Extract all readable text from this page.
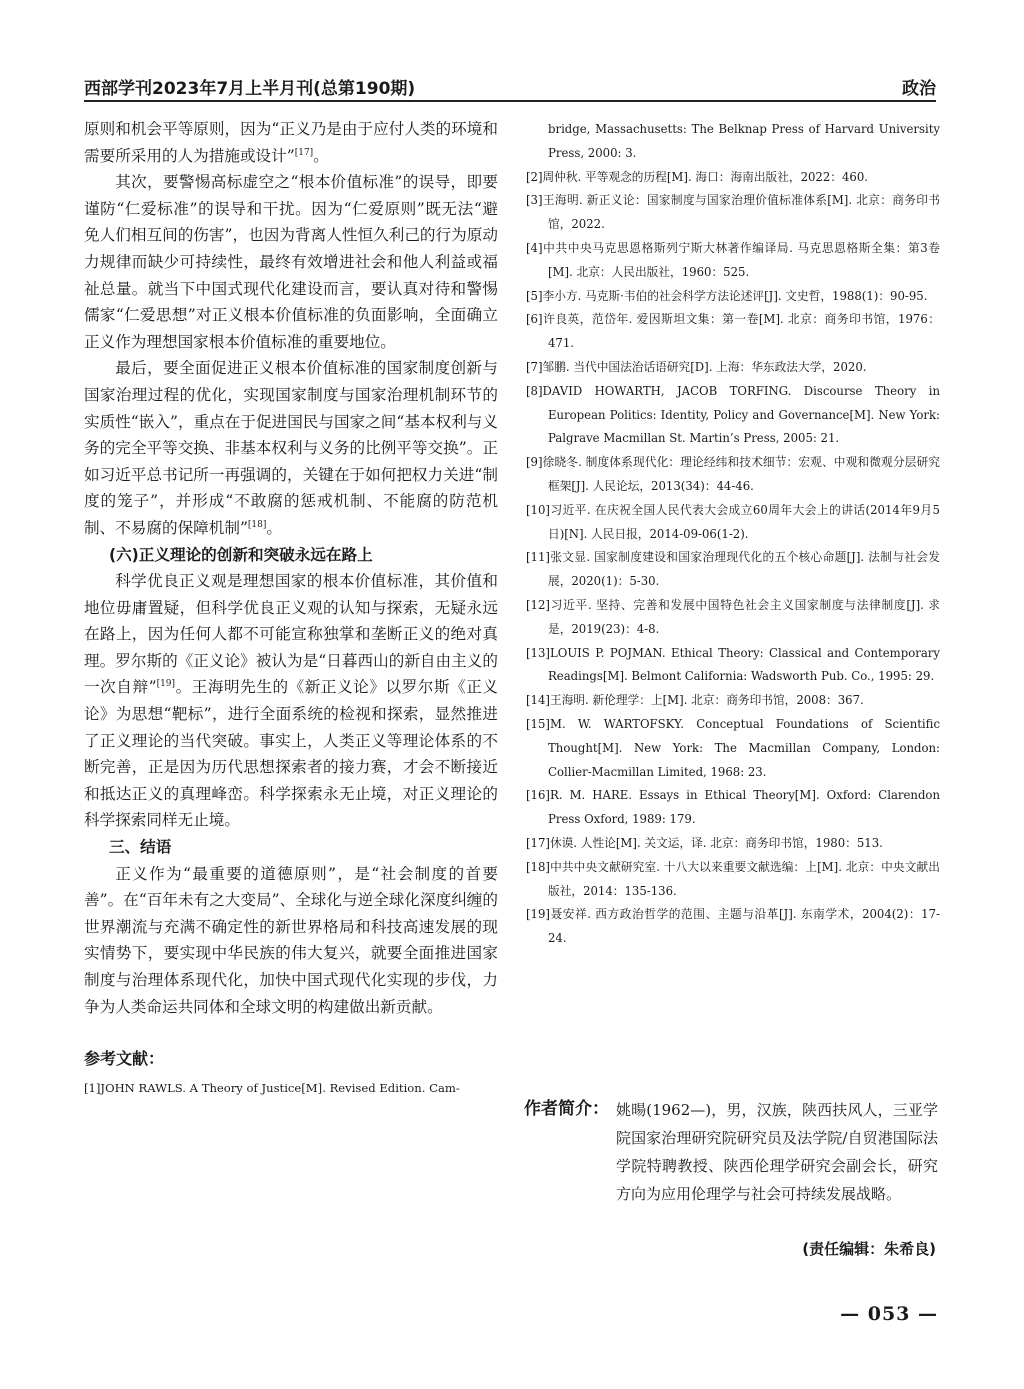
西部学刊2023年7月上半月刊(总第190期)	政治

原则和机会平等原则，因为“正义乃是由于应付人类的环境和需要所采用的人为措施或设计”[17]。

其次，要警惕高标虚空之“根本价值标准”的误导，即要谨防“仁爱标准”的误导和干扰。因为“仁爱原则”既无法“避免人们相互间的伤害”，也因为背离人性恒久利己的行为原动力规律而缺少可持续性，最终有效增进社会和他人利益或福祉总量。就当下中国式现代化建设而言，要认真对待和警惕儒家“仁爱思想”对正义根本价值标准的负面影响，全面确立正义作为理想国家根本价值标准的重要地位。

最后，要全面促进正义根本价值标准的国家制度创新与国家治理过程的优化，实现国家制度与国家治理机制环节的实质性“嵌入”，重点在于促进国民与国家之间“基本权利与义务的完全平等交换、非基本权利与义务的比例平等交换”。正如习近平总书记所一再强调的，关键在于如何把权力关进“制度的笼子”，并形成“不敢腐的惩戒机制、不能腐的防范机制、不易腐的保障机制”[18]。

(六)正义理论的创新和突破永远在路上

科学优良正义观是理想国家的根本价值标准，其价值和地位毋庸置疑，但科学优良正义观的认知与探索，无疑永远在路上，因为任何人都不可能宣称独掌和垄断正义的绝对真理。罗尔斯的《正义论》被认为是“日暮西山的新自由主义的一次自辩”[19]。王海明先生的《新正义论》以罗尔斯《正义论》为思想“靶标”，进行全面系统的检视和探索，显然推进了正义理论的当代突破。事实上，人类正义等理论体系的不断完善，正是因为历代思想探索者的接力赛，才会不断接近和抵达正义的真理峰峦。科学探索永无止境，对正义理论的科学探索同样无止境。

三、结语

正义作为“最重要的道德原则”，是“社会制度的首要善”。在“百年未有之大变局”、全球化与逆全球化深度纠缠的世界潮流与充满不确定性的新世界格局和科技高速发展的现实情势下，要实现中华民族的伟大复兴，就要全面推进国家制度与治理体系现代化，加快中国式现代化实现的步伐，力争为人类命运共同体和全球文明的构建做出新贡献。

参考文献：
[1]JOHN RAWLS. A Theory of Justice[M]. Revised Edition. Cam-

bridge, Massachusetts: The Belknap Press of Harvard University Press, 2000: 3.

[2]周仲秋. 平等观念的历程[M]. 海口：海南出版社，2022：460.

[3]王海明. 新正义论：国家制度与国家治理价值标准体系[M]. 北京：商务印书馆，2022.

[4]中共中央马克思恩格斯列宁斯大林著作编译局. 马克思恩格斯全集：第3卷[M]. 北京：人民出版社，1960：525.

[5]李小方. 马克斯·韦伯的社会科学方法论述评[J]. 文史哲，1988(1)：90-95.

[6]许良英，范岱年. 爱因斯坦文集：第一卷[M]. 北京：商务印书馆，1976：471.

[7]邹鹏. 当代中国法治话语研究[D]. 上海：华东政法大学，2020.

[8]DAVID HOWARTH, JACOB TORFING. Discourse Theory in European Politics: Identity, Policy and Governance[M]. New York: Palgrave Macmillan St. Martin’s Press, 2005: 21.

[9]徐晓冬. 制度体系现代化：理论经纬和技术细节：宏观、中观和微观分层研究框架[J]. 人民论坛，2013(34)：44-46.

[10]习近平. 在庆祝全国人民代表大会成立60周年大会上的讲话(2014年9月5日)[N]. 人民日报，2014-09-06(1-2).

[11]张文显. 国家制度建设和国家治理现代化的五个核心命题[J]. 法制与社会发展，2020(1)：5-30.

[12]习近平. 坚持、完善和发展中国特色社会主义国家制度与法律制度[J]. 求是，2019(23)：4-8.

[13]LOUIS P. POJMAN. Ethical Theory: Classical and Contemporary Readings[M]. Belmont California: Wadsworth Pub. Co., 1995: 29.

[14]王海明. 新伦理学：上[M]. 北京：商务印书馆，2008：367.

[15]M. W. WARTOFSKY. Conceptual Foundations of Scientific Thought[M]. New York: The Macmillan Company, London: Collier-Macmillan Limited, 1968: 23.

[16]R. M. HARE. Essays in Ethical Theory[M]. Oxford: Clarendon Press Oxford, 1989: 179.

[17]休谟. 人性论[M]. 关文运，译. 北京：商务印书馆，1980：513.

[18]中共中央文献研究室. 十八大以来重要文献选编：上[M]. 北京：中央文献出版社，2014：135-136.

[19]聂安祥. 西方政治哲学的范围、主题与沿革[J]. 东南学术，2004(2)：17-24.

作者简介： 姚暘(1962—)，男，汉族，陕西扶风人，三亚学院国家治理研究院研究员及法学院/自贸港国际法学院特聘教授、陕西伦理学研究会副会长，研究方向为应用伦理学与社会可持续发展战略。
(责任编辑：朱希良)
— 053 —
